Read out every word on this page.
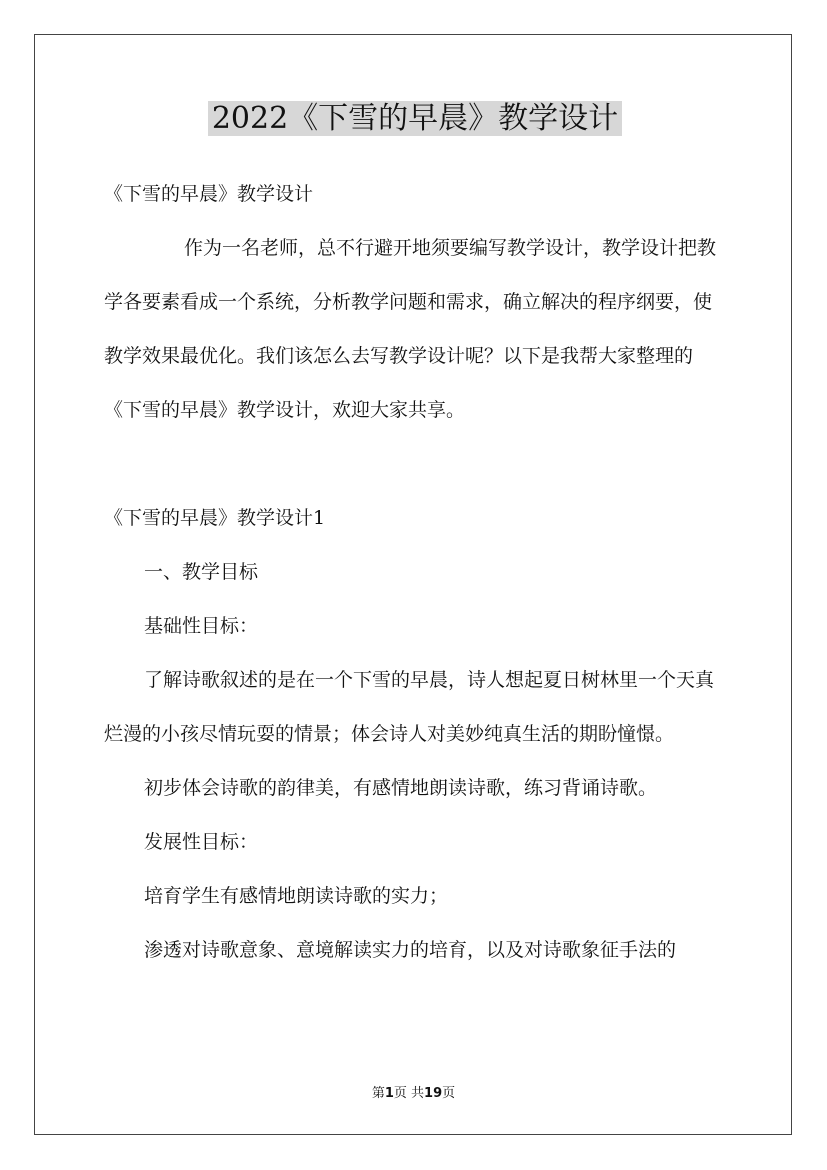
2022《下雪的早晨》教学设计

《下雪的早晨》教学设计

作为一名老师，总不行避开地须要编写教学设计，教学设计把教学各要素看成一个系统，分析教学问题和需求，确立解决的程序纲要，使教学效果最优化。我们该怎么去写教学设计呢？以下是我帮大家整理的《下雪的早晨》教学设计，欢迎大家共享。

《下雪的早晨》教学设计1

一、教学目标

基础性目标：

了解诗歌叙述的是在一个下雪的早晨，诗人想起夏日树林里一个天真烂漫的小孩尽情玩耍的情景；体会诗人对美妙纯真生活的期盼憧憬。

初步体会诗歌的韵律美，有感情地朗读诗歌，练习背诵诗歌。

发展性目标：

培育学生有感情地朗读诗歌的实力；

渗透对诗歌意象、意境解读实力的培育，以及对诗歌象征手法的

第1页 共19页
